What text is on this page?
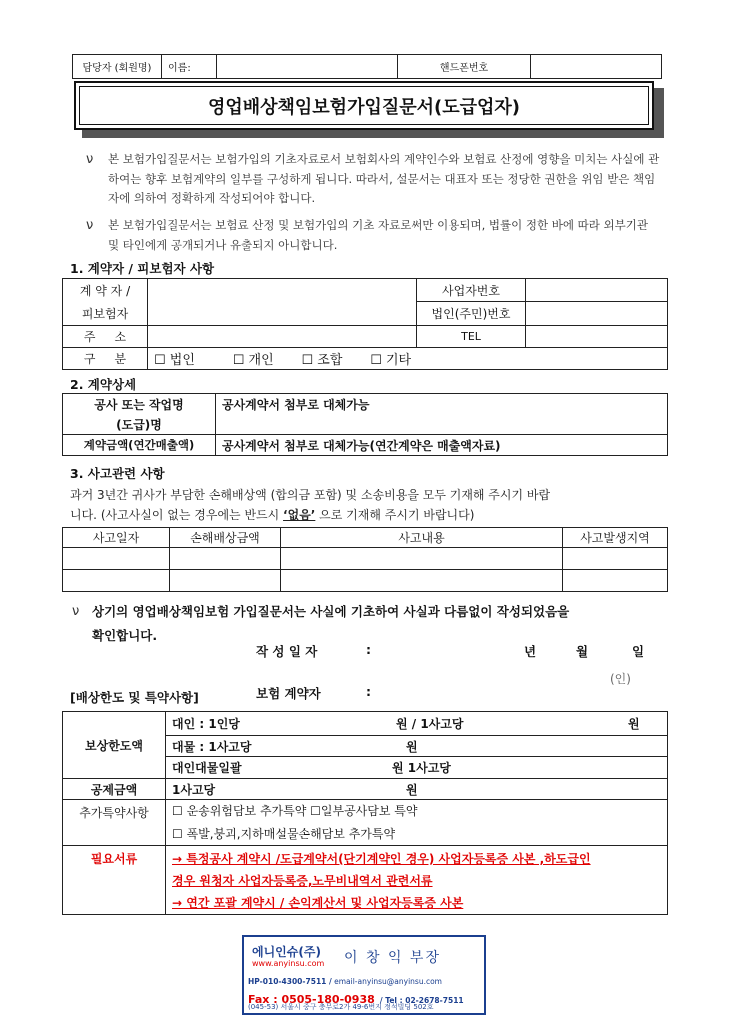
담당자 (회원명)	이름:		핸드폰번호	
영업배상책임보험가입질문서(도급업자)
ν 본 보험가입질문서는 보험가입의 기초자료로서 보험회사의 계약인수와 보험료 산정에 영향을 미치는 사실에 관하여는 향후 보험계약의 일부를 구성하게 됩니다. 따라서, 설문서는 대표자 또는 정당한 권한을 위임 받은 책임자에 의하여 정확하게 작성되어야 합니다.
ν 본 보험가입질문서는 보험료 산정 및 보험가입의 기초 자료로써만 이용되며, 법률이 정한 바에 따라 외부기관 및 타인에게 공개되거나 유출되지 아니합니다.
1. 계약자 / 피보험자 사항
계 약 자 /		사업자번호	
피보험자		법인(주민)번호	
주     소		TEL	
구     분	☐ 법인 ☐ 개인 ☐ 조합 ☐ 기타		
2. 계약상세
공사 또는 작업명	공사계약서 첨부로 대체가능
(도급)명	
계약금액(연간매출액)	공사계약서 첨부로 대체가능(연간계약은 매출액자료)
3. 사고관련 사항
과거 3년간 귀사가 부담한 손해배상액 (합의금 포함) 및 소송비용을 모두 기재해 주시기 바랍
니다. (사고사실이 없는 경우에는 반드시 ‘없음’ 으로 기재해 주시기 바랍니다)
사고일자	손해배상금액	사고내용	사고발생지역

ν 상기의 영업배상책임보험 가입질문서는 사실에 기초하여 사실과 다름없이 작성되었음을
확인합니다.
작 성 일 자	:	년	월	일
(인)
[배상한도 및 특약사항]	보험 계약자	:
보상한도액	대인 : 1인당 원 / 1사고당 원

	대물 : 1사고당 원

	대인대물일괄 원 1사고당

공제금액	1사고당 원

추가특약사항	☐ 운송위험담보 추가특약 ☐일부공사담보 특약
	☐ 폭발,붕괴,지하매설물손해담보 추가특약
필요서류	→ 특정공사 계약시 /도급계약서(단기계약인 경우) 사업자등록증 사본 ,하도급인
경우 원청자 사업자등록증,노무비내역서 관련서류
→ 연간 포괄 계약시 / 손익계산서 및 사업자등록증 사본
에니인슈(주)
www.anyinsu.com 이 창 익 부장
HP-010-4300-7511 / email-anyinsu@anyinsu.com
Fax : 0505-180-0938 / Tel : 02-2678-7511
(045-53) 서울시 중구 충무로2가 49-6번지 정석빌딩 502호
